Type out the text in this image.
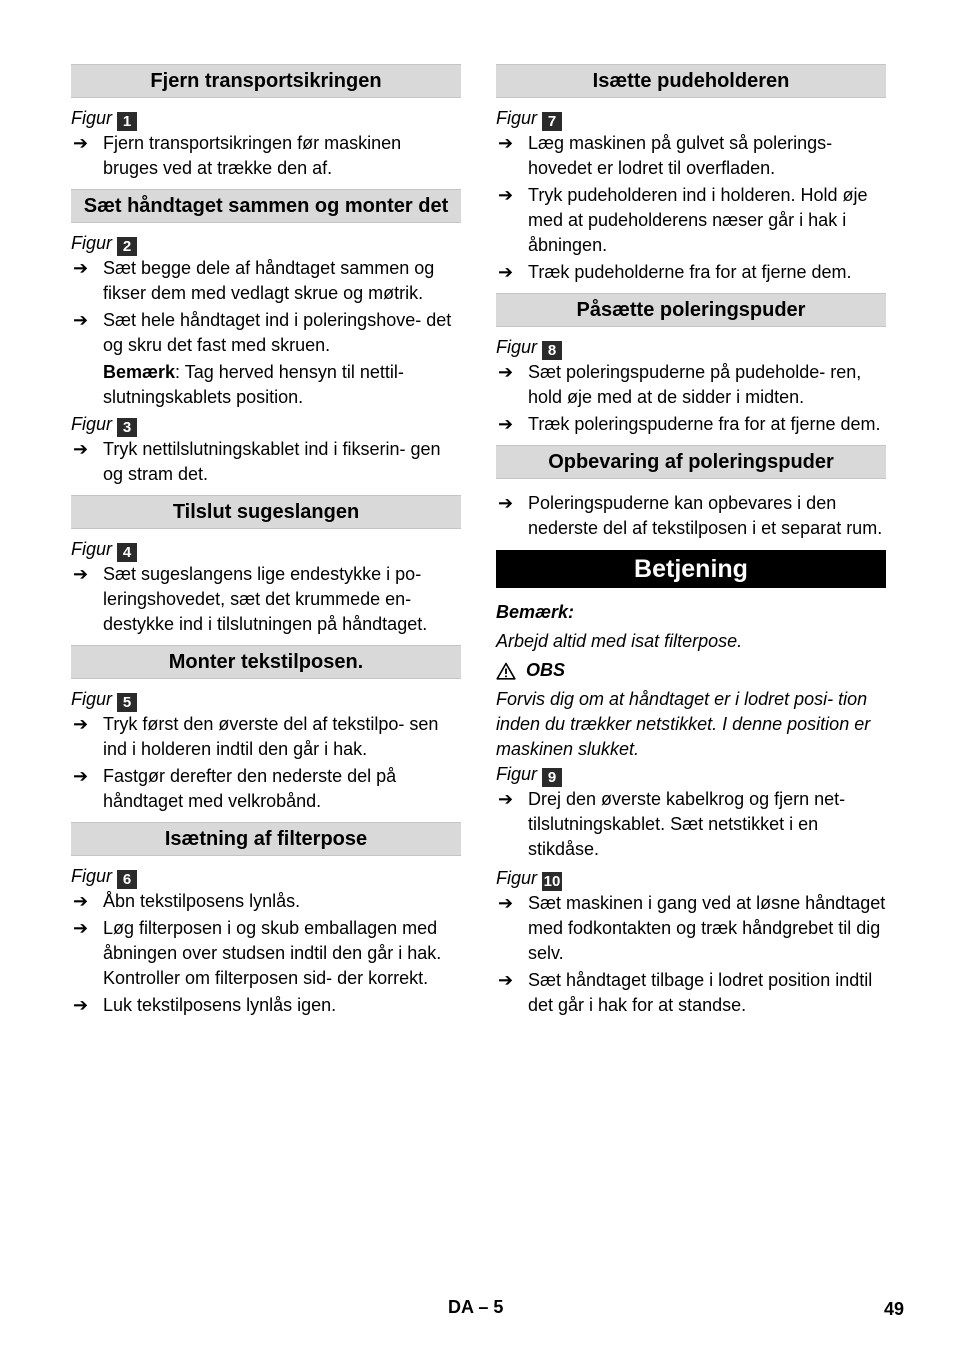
Fjern transportsikringen
Figur 1
➔ Fjern transportsikringen før maskinen bruges ved at trække den af.
Sæt håndtaget sammen og monter det
Figur 2
➔ Sæt begge dele af håndtaget sammen og fikser dem med vedlagt skrue og møtrik.
➔ Sæt hele håndtaget ind i poleringshove- det og skru det fast med skruen.
Bemærk: Tag herved hensyn til nettil- slutningskablets position.
Figur 3
➔ Tryk nettilslutningskablet ind i fikserin- gen og stram det.
Tilslut sugeslangen
Figur 4
➔ Sæt sugeslangens lige endestykke i po- leringshovedet, sæt det krummede en- destykke ind i tilslutningen på håndtaget.
Monter tekstilposen.
Figur 5
➔ Tryk først den øverste del af tekstilpo- sen ind i holderen indtil den går i hak.
➔ Fastgør derefter den nederste del på håndtaget med velkrobånd.
Isætning af filterpose
Figur 6
➔ Åbn tekstilposens lynlås.
➔ Løg filterposen i og skub emballagen med åbningen over studsen indtil den går i hak. Kontroller om filterposen sid- der korrekt.
➔ Luk tekstilposens lynlås igen.
Isætte pudeholderen
Figur 7
➔ Læg maskinen på gulvet så polerings- hovedet er lodret til overfladen.
➔ Tryk pudeholderen ind i holderen. Hold øje med at pudeholderens næser går i hak i åbningen.
➔ Træk pudeholderne fra for at fjerne dem.
Påsætte poleringspuder
Figur 8
➔ Sæt poleringspuderne på pudeholde- ren, hold øje med at de sidder i midten.
➔ Træk poleringspuderne fra for at fjerne dem.
Opbevaring af poleringspuder
➔ Poleringspuderne kan opbevares i den nederste del af tekstilposen i et separat rum.
Betjening
Bemærk:
Arbejd altid med isat filterpose.
OBS
Forvis dig om at håndtaget er i lodret posi- tion inden du trækker netstikket. I denne position er maskinen slukket.
Figur 9
➔ Drej den øverste kabelkrog og fjern net- tilslutningskablet. Sæt netstikket i en stikdåse.
Figur 10
➔ Sæt maskinen i gang ved at løsne håndtaget med fodkontakten og træk håndgrebet til dig selv.
➔ Sæt håndtaget tilbage i lodret position indtil det går i hak for at standse.
DA – 5	49
